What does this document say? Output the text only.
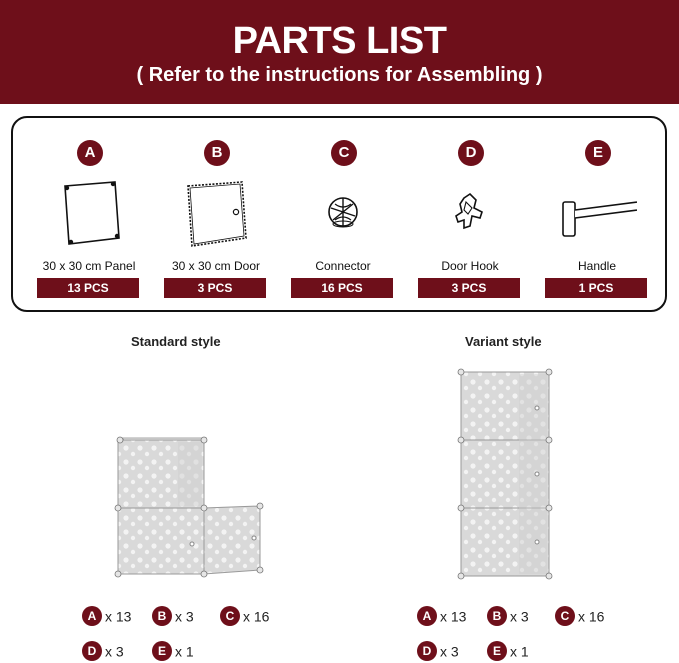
PARTS LIST
( Refer to the instructions for Assembling )
A
30 x 30 cm Panel
13 PCS
B
30 x 30 cm Door
3 PCS
C
Connector
16 PCS
D
Door Hook
3 PCS
E
Handle
1 PCS
Standard style
A x 13	B x 3	C x 16
D x 3	E x 1
Variant style
A x 13	B x 3	C x 16
D x 3	E x 1
